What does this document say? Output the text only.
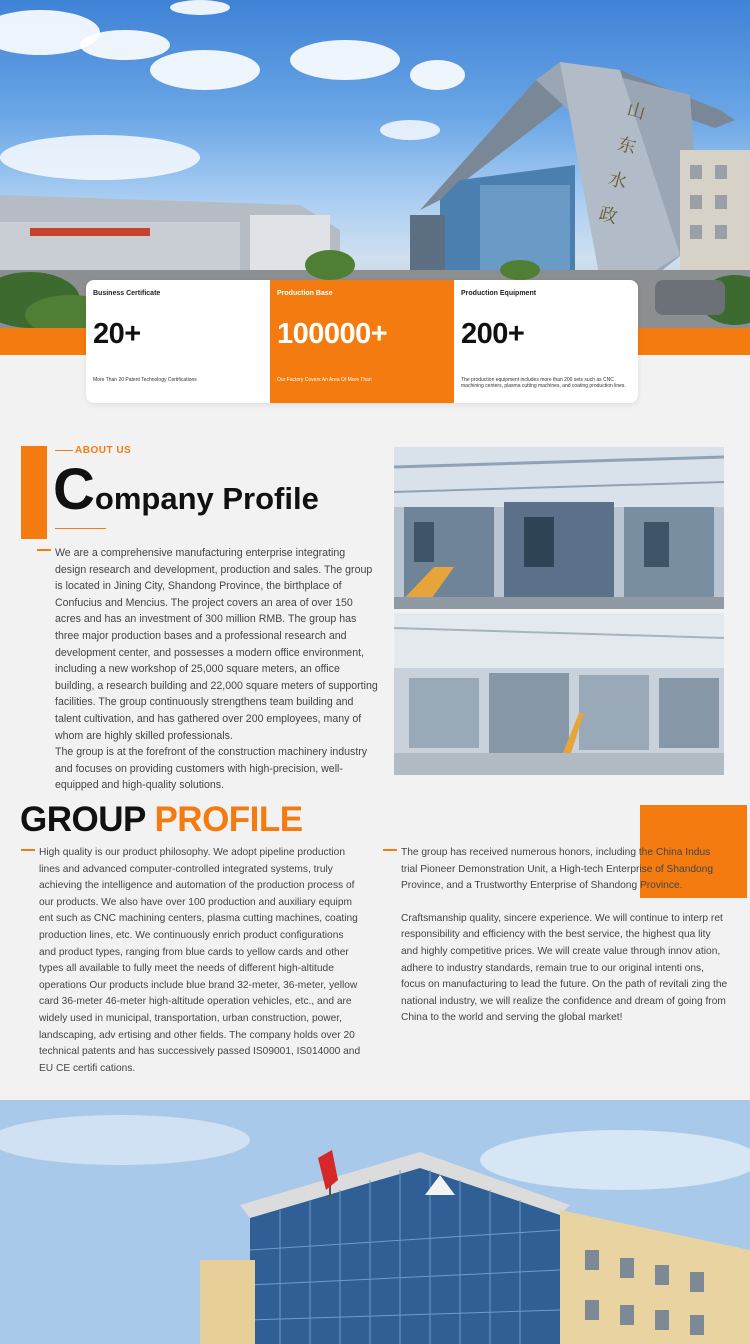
山东水政
Business Certificate
20+
More Than 20 Patent Technology Certifications
Production Base
100000+
Our Factory Covers An Area Of More Than
Production Equipment
200+
The production equipment includes more than 200 sets such as CNC machining centers, plasma cutting machines, and coating production lines.
ABOUT US
Company Profile

We are a comprehensive manufacturing enterprise integrating design research and development, production and sales. The group is located in Jining City, Shandong Province, the birthplace of Confucius and Mencius. The project covers an area of over 150 acres and has an investment of 300 million RMB. The group has three major production bases and a professional research and development center, and possesses a modern office environment, including a new workshop of 25,000 square meters, an office building, a research building and 22,000 square meters of supporting facilities. The group continuously strengthens team building and talent cultivation, and has gathered over 200 employees, many of whom are highly skilled professionals.

The group is at the forefront of the construction machinery industry and focuses on providing customers with high-precision, well-equipped and high-quality solutions.

GROUP PROFILE

High quality is our product philosophy. We adopt pipeline production lines and advanced computer-controlled integrated systems, truly achieving the intelligence and automation of the production process of our products. We also have over 100 production and auxiliary equipm ent such as CNC machining centers, plasma cutting machines, coating production lines, etc. We continuously enrich product configurations and product types, ranging from blue cards to yellow cards and other types all available to fully meet the needs of different high-altitude operations Our products include blue brand 32-meter, 36-meter, yellow card 36-meter 46-meter high-altitude operation vehicles, etc., and are widely used in municipal, transportation, urban construction, power, landscaping, adv ertising and other fields. The company holds over 20 technical patents and has successively passed IS09001, IS014000 and EU CE certifi cations.

The group has received numerous honors, including the China Indus trial Pioneer Demonstration Unit, a High-tech Enterprise of Shandong Province, and a Trustworthy Enterprise of Shandong Province.

Craftsmanship quality, sincere experience. We will continue to interp ret responsibility and efficiency with the best service, the highest qua lity and highly competitive prices. We will create value through innov ation, adhere to industry standards, remain true to our original intenti ons, focus on manufacturing to lead the future. On the path of revitali zing the national industry, we will realize the confidence and dream of going from China to the world and serving the global market!
